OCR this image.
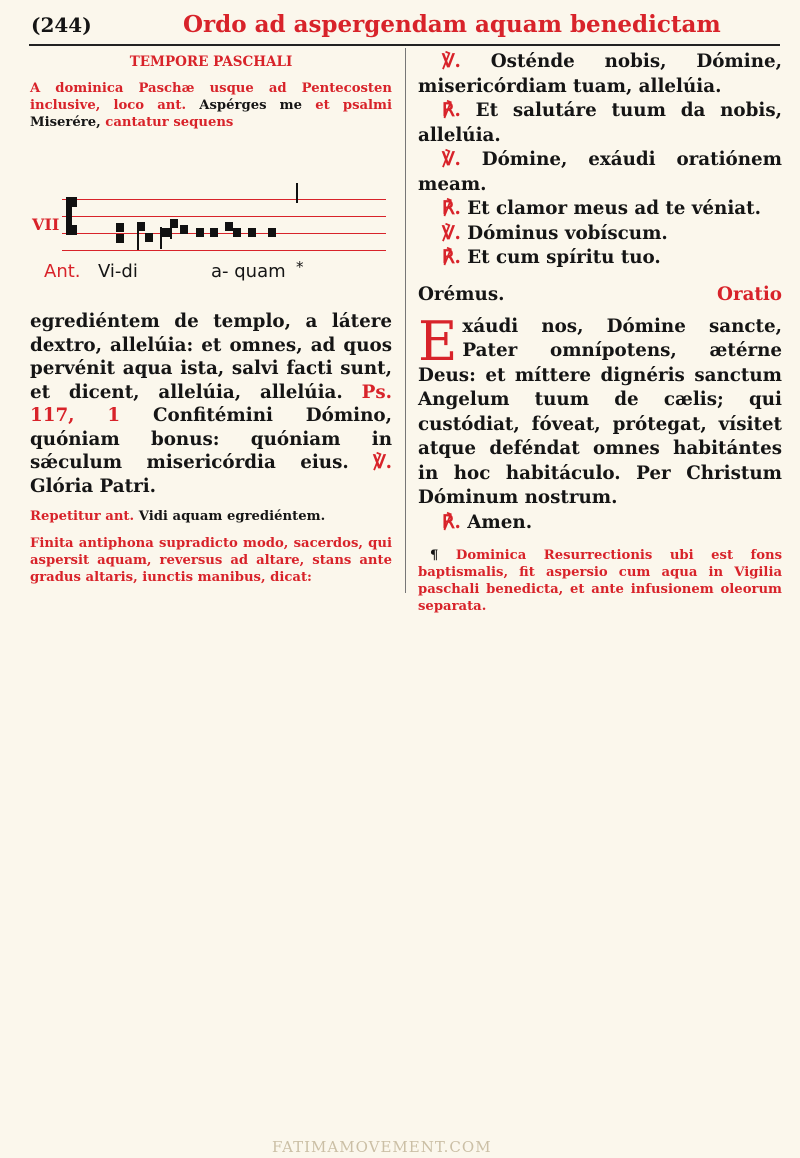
(244)	Ordo ad aspergendam aquam benedictam
TEMPORE PASCHALI
A dominica Paschæ usque ad Pentecosten inclusive, loco ant. Aspérges me et psalmi Miserére, cantatur sequens
VII
Ant. Vi-di	a- quam *
egrediéntem de templo, a látere dextro, allelúia: et omnes, ad quos pervénit aqua ista, salvi facti sunt, et dicent, allelúia, allelúia. Ps. 117, 1 Confitémini Dómino, quóniam bonus: quóniam in sǽculum misericórdia eius. ℣. Glória Patri.
Repetitur ant. Vidi aquam egrediéntem.
Finita antiphona supradicto modo, sacerdos, qui aspersit aquam, reversus ad altare, stans ante gradus altaris, iunctis manibus, dicat:
℣. Osténde nobis, Dómine, misericórdiam tuam, allelúia.
℟. Et salutáre tuum da nobis, allelúia.
℣. Dómine, exáudi oratiónem meam.
℟. Et clamor meus ad te véniat.
℣. Dóminus vobíscum.
℟. Et cum spíritu tuo.
Orémus.	Oratio
Exáudi nos, Dómine sancte, Pater omnípotens, ætérne Deus: et míttere dignéris sanctum Angelum tuum de cælis; qui custódiat, fóveat, prótegat, vísitet atque deféndat omnes habitántes in hoc habitáculo. Per Christum Dóminum nostrum.
℟. Amen.
¶ Dominica Resurrectionis ubi est fons baptismalis, fit aspersio cum aqua in Vigilia paschali benedicta, et ante infusionem oleorum separata.
FATIMAMOVEMENT.COM
